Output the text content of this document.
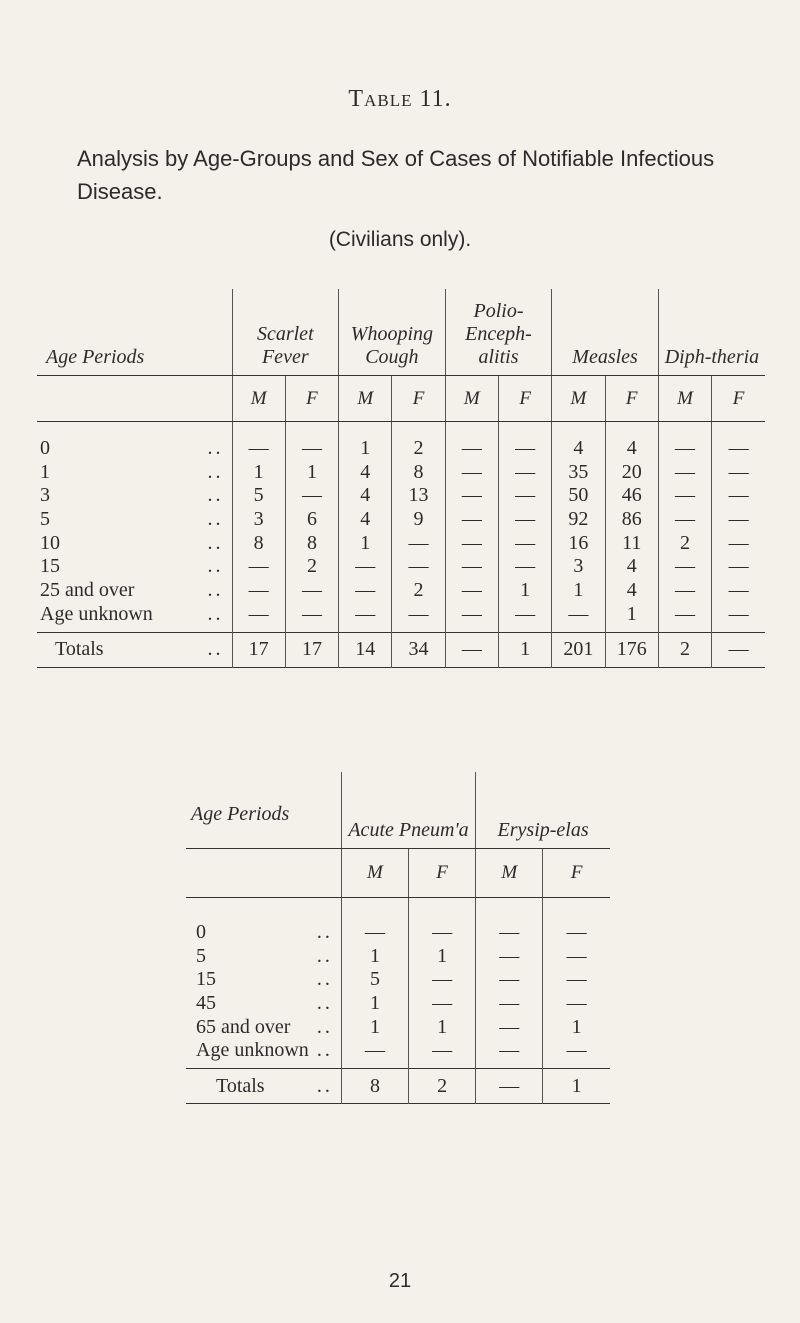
Table 11.
Analysis by Age-Groups and Sex of Cases of Notifiable Infectious Disease.
(Civilians only).
Age Periods	Scarlet Fever		Whooping Cough		Polio-Enceph-alitis		Measles		Diph-theria	
	M	F	M	F	M	F	M	F	M	F
0 ..	—	—	1	2	—	—	4	4	—	—
1 ..	1	1	4	8	—	—	35	20	—	—
3 ..	5	—	4	13	—	—	50	46	—	—
5 ..	3	6	4	9	—	—	92	86	—	—
10 ..	8	8	1	—	—	—	16	11	2	—
15 ..	—	2	—	—	—	—	3	4	—	—
25 and over ..	—	—	—	2	—	1	1	4	—	—
Age unknown ..	—	—	—	—	—	—	—	1	—	—
Totals ..	17	17	14	34	—	1	201	176	2	—
Age Periods	Acute Pneum'a		Erysip-elas	
	M	F	M	F
0 ..	—	—	—	—
5 ..	1	1	—	—
15 ..	5	—	—	—
45 ..	1	—	—	—
65 and over ..	1	1	—	1
Age unknown ..	—	—	—	—
Totals ..	8	2	—	1
21
